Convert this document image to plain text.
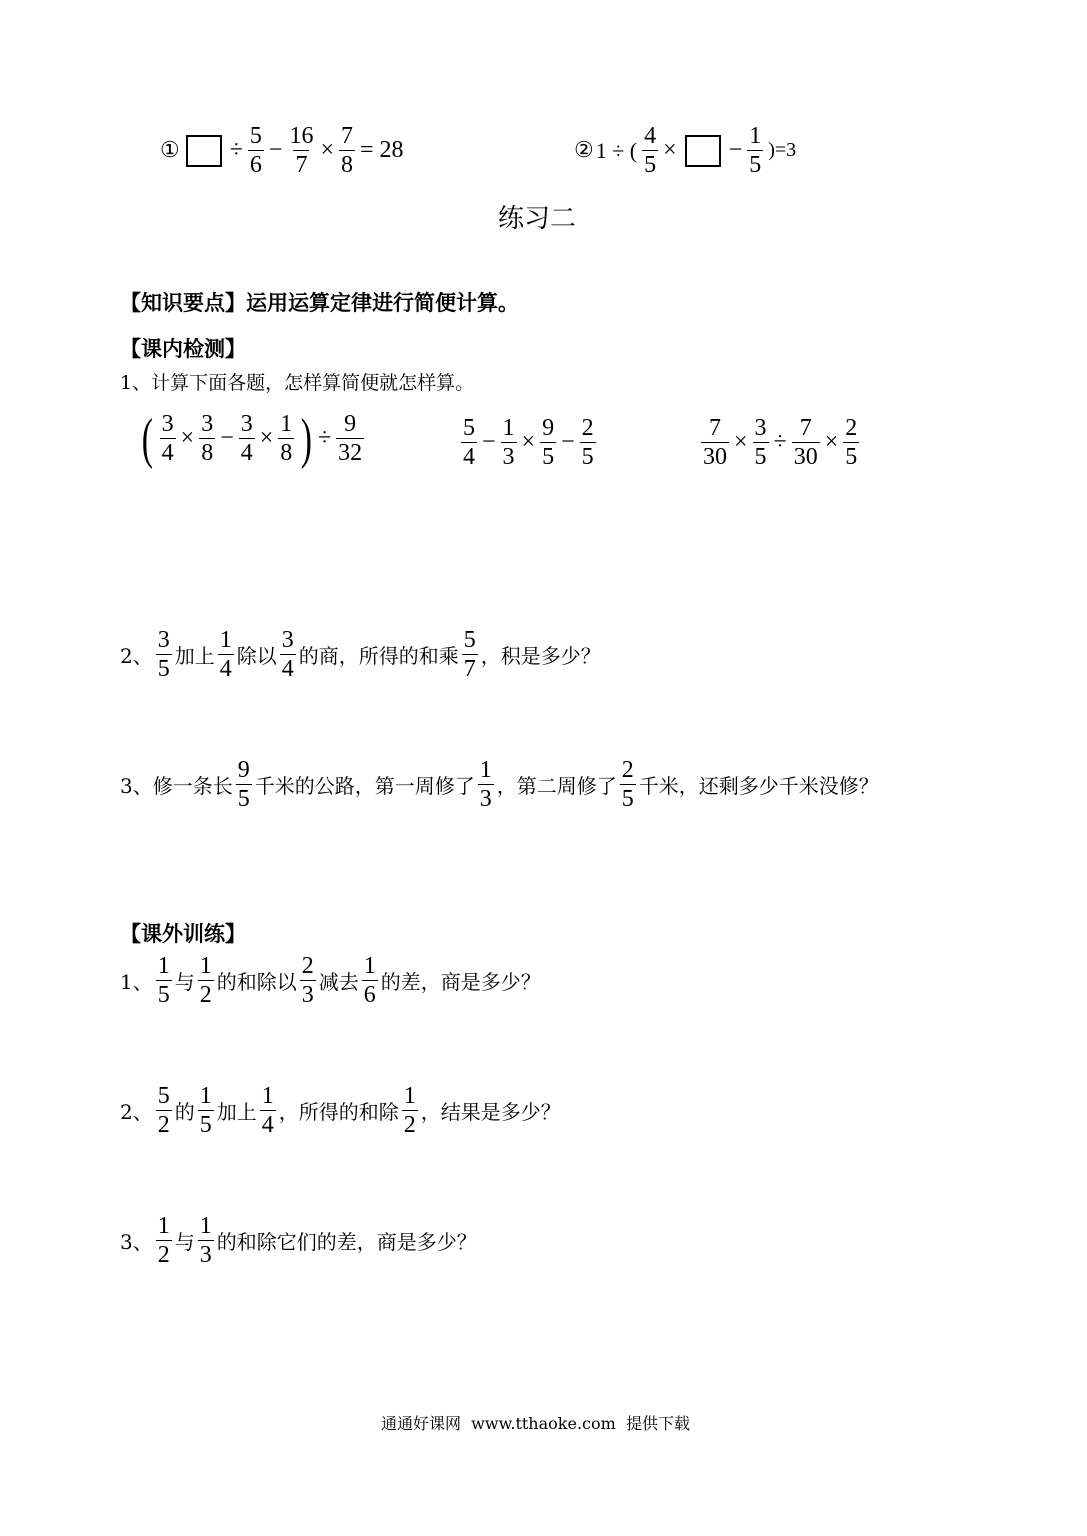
① ÷ $\frac{5}{6} - \frac{16}{7} \times \frac{7}{8} = 28$	② 1 ÷ ( $\frac{4}{5}$ × − $\frac{1}{5} )=3$
练习二
【知识要点】运用运算定律进行简便计算。
【课内检测】
1、计算下面各题，怎样算简便就怎样算。
( $\frac{3}{4} \times \frac{3}{8} - \frac{3}{4} \times \frac{1}{8}$ ) ÷ $\frac{9}{32}$	$\frac{5}{4} - \frac{1}{3} \times \frac{9}{5} - \frac{2}{5}$	$\frac{7}{30} \times \frac{3}{5} \div \frac{7}{30} \times \frac{2}{5}$
2、 $\frac{3}{5}$ 加上 $\frac{1}{4}$ 除以 $\frac{3}{4}$ 的商，所得的和乘 $\frac{5}{7}$ ，积是多少？
3、 修一条长 $\frac{9}{5}$ 千米的公路，第一周修了 $\frac{1}{3}$ ，第二周修了 $\frac{2}{5}$ 千米，还剩多少千米没修？
【课外训练】
1、 $\frac{1}{5}$ 与 $\frac{1}{2}$ 的和除以 $\frac{2}{3}$ 减去 $\frac{1}{6}$ 的差，商是多少？
2、 $\frac{5}{2}$ 的 $\frac{1}{5}$ 加上 $\frac{1}{4}$ ，所得的和除 $\frac{1}{2}$ ，结果是多少？
3、 $\frac{1}{2}$ 与 $\frac{1}{3}$ 的和除它们的差，商是多少？
通通好课网  www.tthaoke.com  提供下载
